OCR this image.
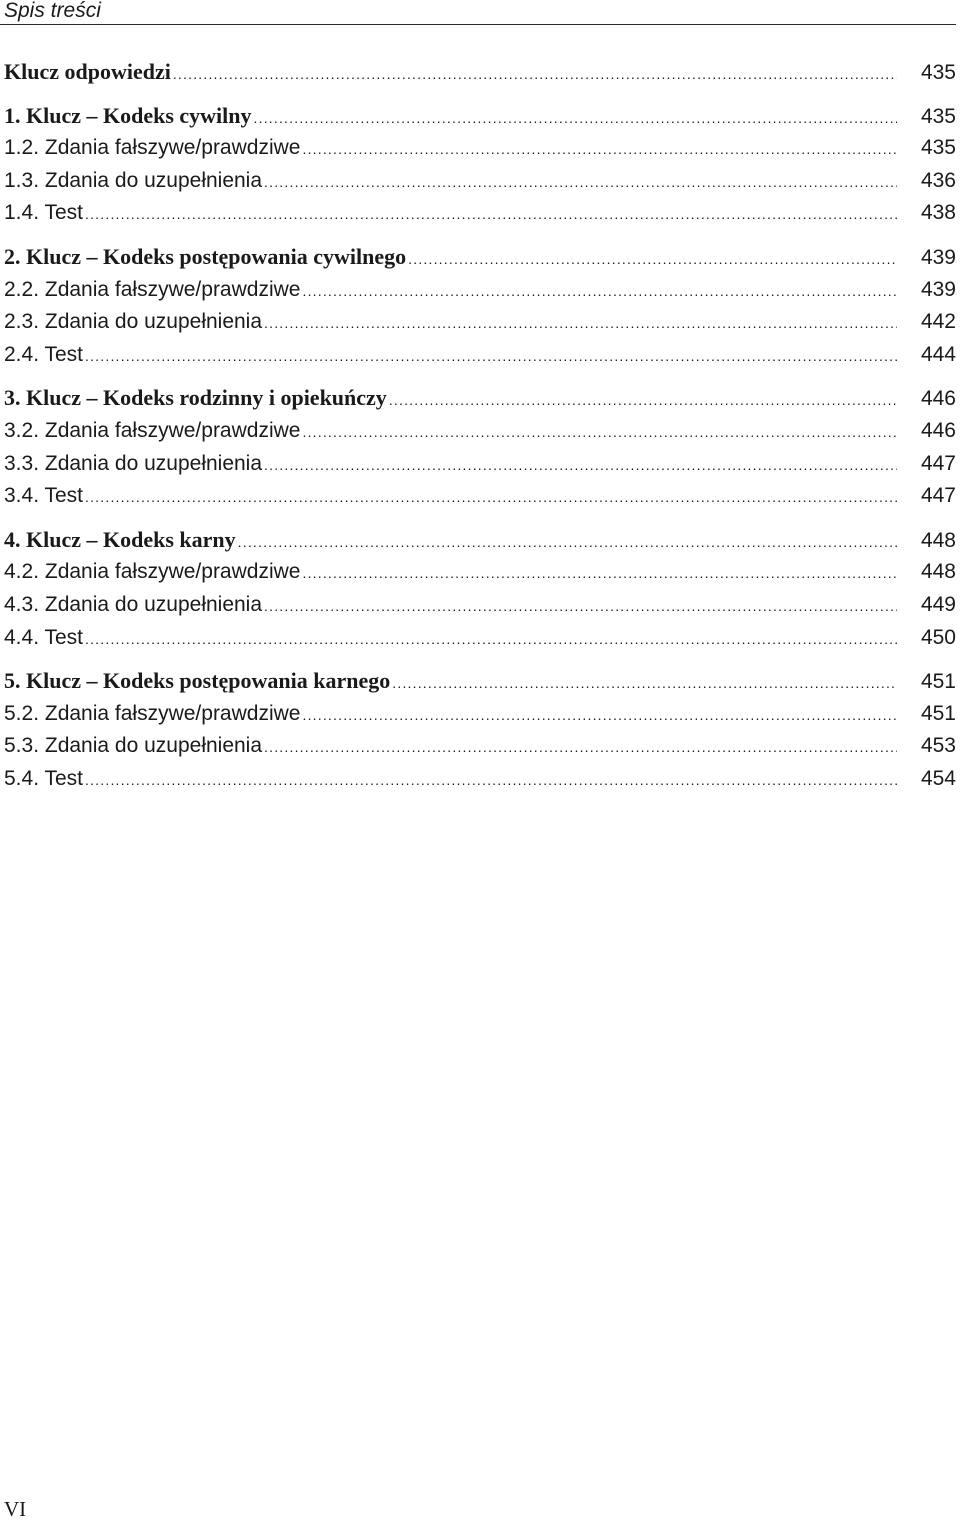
Spis treści
Klucz odpowiedzi .....	435
1. Klucz – Kodeks cywilny .....	435
1.2. Zdania fałszywe/prawdziwe .....	435
1.3. Zdania do uzupełnienia .....	436
1.4. Test .....	438
2. Klucz – Kodeks postępowania cywilnego .....	439
2.2. Zdania fałszywe/prawdziwe .....	439
2.3. Zdania do uzupełnienia .....	442
2.4. Test .....	444
3. Klucz – Kodeks rodzinny i opiekuńczy .....	446
3.2. Zdania fałszywe/prawdziwe .....	446
3.3. Zdania do uzupełnienia .....	447
3.4. Test .....	447
4. Klucz – Kodeks karny .....	448
4.2. Zdania fałszywe/prawdziwe .....	448
4.3. Zdania do uzupełnienia .....	449
4.4. Test .....	450
5. Klucz – Kodeks postępowania karnego .....	451
5.2. Zdania fałszywe/prawdziwe .....	451
5.3. Zdania do uzupełnienia .....	453
5.4. Test .....	454
VI
